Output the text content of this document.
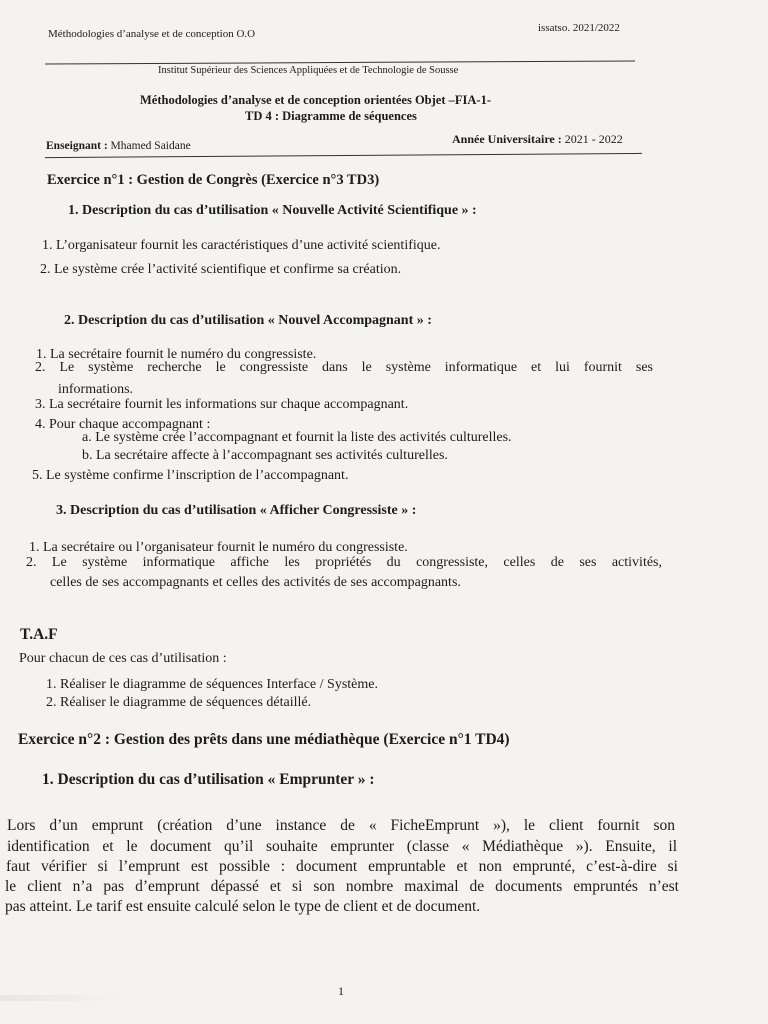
Méthodologies d’analyse et de conception O.O	issatso. 2021/2022
Institut Supérieur des Sciences Appliquées et de Technologie de Sousse
Méthodologies d’analyse et de conception orientées Objet –FIA-1-
TD 4 : Diagramme de séquences
Enseignant : Mhamed Saidane	Année Universitaire : 2021 - 2022
Exercice n°1 : Gestion de Congrès (Exercice n°3 TD3)
1. Description du cas d’utilisation « Nouvelle Activité Scientifique » :
1. L’organisateur fournit les caractéristiques d’une activité scientifique.
2. Le système crée l’activité scientifique et confirme sa création.
2. Description du cas d’utilisation « Nouvel Accompagnant » :
1. La secrétaire fournit le numéro du congressiste.
2. Le système recherche le congressiste dans le système informatique et lui fournit ses
informations.
3. La secrétaire fournit les informations sur chaque accompagnant.
4. Pour chaque accompagnant :
a. Le système crée l’accompagnant et fournit la liste des activités culturelles.
b. La secrétaire affecte à l’accompagnant ses activités culturelles.
5. Le système confirme l’inscription de l’accompagnant.
3. Description du cas d’utilisation « Afficher Congressiste » :
1. La secrétaire ou l’organisateur fournit le numéro du congressiste.
2. Le système informatique affiche les propriétés du congressiste, celles de ses activités,
celles de ses accompagnants et celles des activités de ses accompagnants.
T.A.F
Pour chacun de ces cas d’utilisation :
1. Réaliser le diagramme de séquences Interface / Système.
2. Réaliser le diagramme de séquences détaillé.
Exercice n°2 : Gestion des prêts dans une médiathèque (Exercice n°1 TD4)
1. Description du cas d’utilisation « Emprunter » :
Lors d’un emprunt (création d’une instance de « FicheEmprunt »), le client fournit son
identification et le document qu’il souhaite emprunter (classe « Médiathèque »). Ensuite, il
faut vérifier si l’emprunt est possible : document empruntable et non emprunté, c’est-à-dire si
le client n’a pas d’emprunt dépassé et si son nombre maximal de documents empruntés n’est
pas atteint. Le tarif est ensuite calculé selon le type de client et de document.
1
